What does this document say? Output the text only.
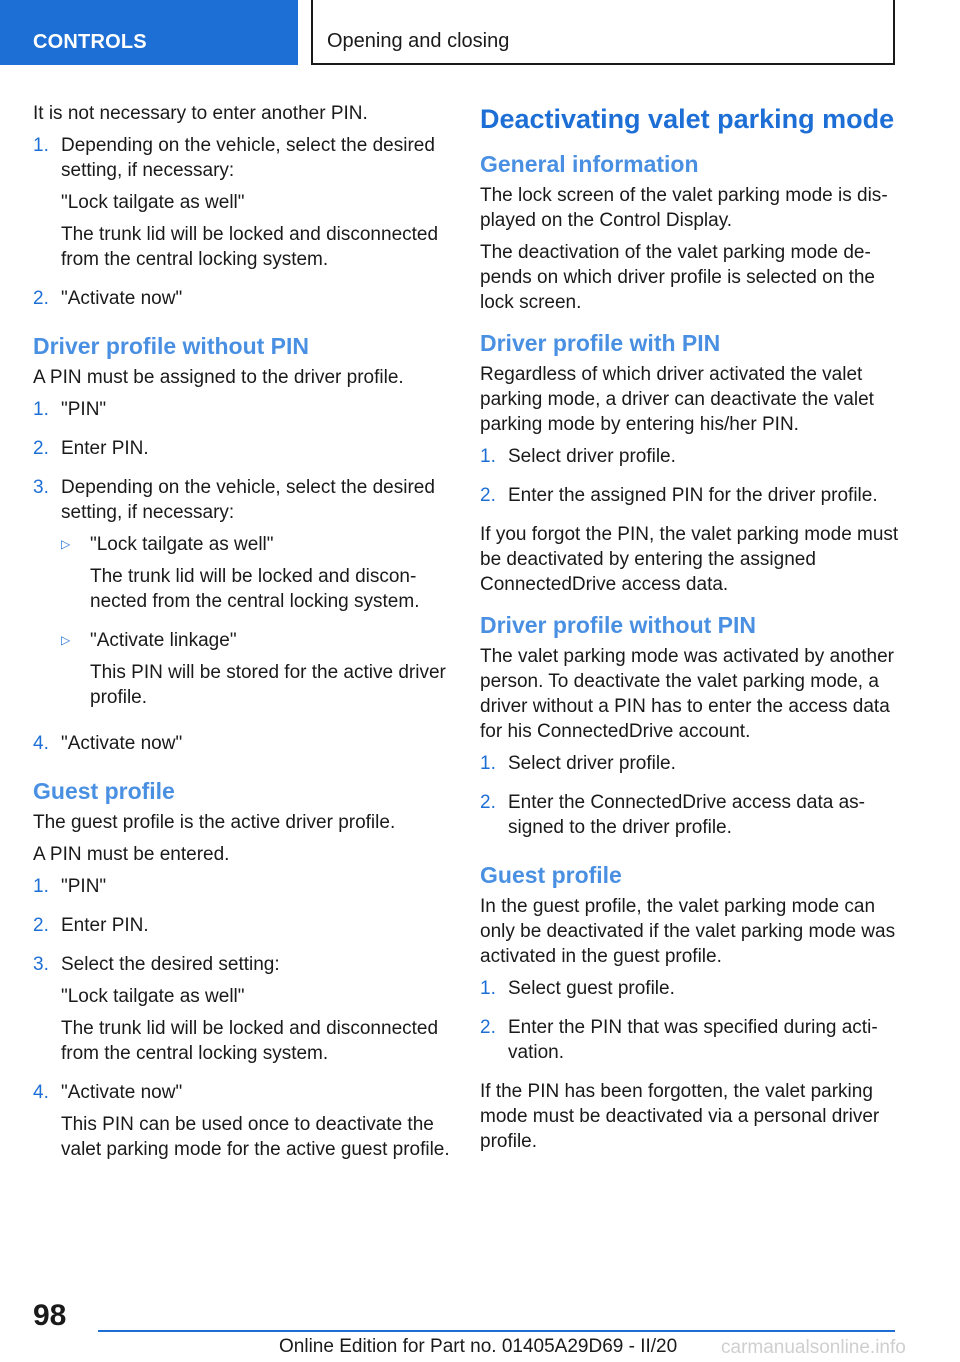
CONTROLS	Opening and closing

It is not necessary to enter another PIN.

1. Depending on the vehicle, select the desired setting, if necessary:

"Lock tailgate as well"

The trunk lid will be locked and disconnected from the central locking system.

2. "Activate now"

Driver profile without PIN

A PIN must be assigned to the driver profile.

1. "PIN"

2. Enter PIN.

3. Depending on the vehicle, select the desired setting, if necessary:

▷	"Lock tailgate as well"

The trunk lid will be locked and disconnected from the central locking system.

▷	"Activate linkage"

This PIN will be stored for the active driver profile.

4. "Activate now"

Guest profile

The guest profile is the active driver profile.

A PIN must be entered.

1. "PIN"

2. Enter PIN.

3. Select the desired setting:

"Lock tailgate as well"

The trunk lid will be locked and disconnected from the central locking system.

4. "Activate now"

This PIN can be used once to deactivate the valet parking mode for the active guest profile.

Deactivating valet parking mode
General information

The lock screen of the valet parking mode is displayed on the Control Display.

The deactivation of the valet parking mode depends on which driver profile is selected on the lock screen.

Driver profile with PIN

Regardless of which driver activated the valet parking mode, a driver can deactivate the valet parking mode by entering his/her PIN.

1. Select driver profile.

2. Enter the assigned PIN for the driver profile.

If you forgot the PIN, the valet parking mode must be deactivated by entering the assigned ConnectedDrive access data.

Driver profile without PIN

The valet parking mode was activated by another person. To deactivate the valet parking mode, a driver without a PIN has to enter the access data for his ConnectedDrive account.

1. Select driver profile.

2. Enter the ConnectedDrive access data assigned to the driver profile.

Guest profile

In the guest profile, the valet parking mode can only be deactivated if the valet parking mode was activated in the guest profile.

1. Select guest profile.

2. Enter the PIN that was specified during activation.

If the PIN has been forgotten, the valet parking mode must be deactivated via a personal driver profile.

98
Online Edition for Part no. 01405A29D69 - II/20 carmanualsonline.info
